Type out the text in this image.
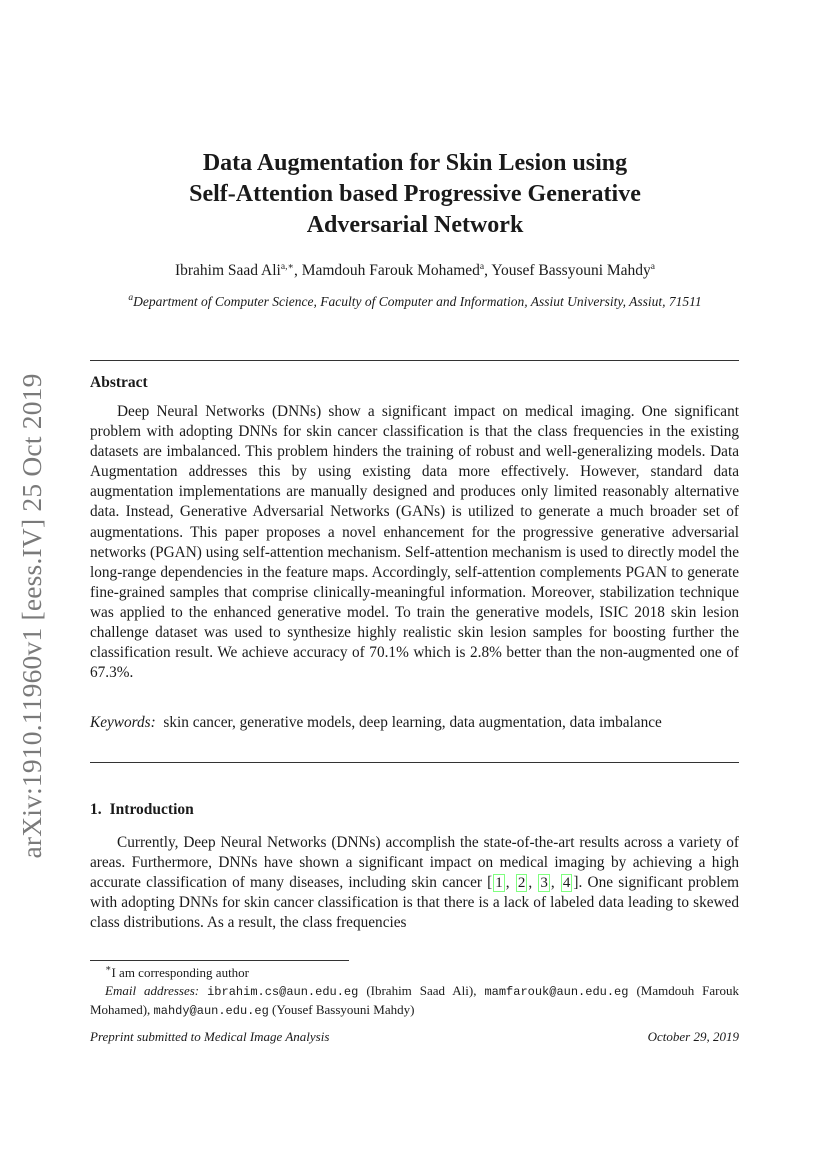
arXiv:1910.11960v1 [eess.IV] 25 Oct 2019
Data Augmentation for Skin Lesion using
Self-Attention based Progressive Generative
Adversarial Network
Ibrahim Saad Ali$^{a,∗}$, Mamdouh Farouk Mohamed$^a$, Yousef Bassyouni Mahdy$^a$
$^a$Department of Computer Science, Faculty of Computer and Information, Assiut University, Assiut, 71511
Abstract
Deep Neural Networks (DNNs) show a significant impact on medical imaging. One significant problem with adopting DNNs for skin cancer classification is that the class frequencies in the existing datasets are imbalanced. This problem hinders the training of robust and well-generalizing models. Data Augmentation addresses this by using existing data more effectively. However, standard data augmentation implementations are manually designed and produces only limited reasonably alternative data. Instead, Generative Adversarial Networks (GANs) is utilized to generate a much broader set of augmentations. This paper proposes a novel enhancement for the progressive generative adversarial networks (PGAN) using self-attention mechanism. Self-attention mechanism is used to directly model the long-range dependencies in the feature maps. Accordingly, self-attention complements PGAN to generate fine-grained samples that comprise clinically-meaningful information. Moreover, stabilization technique was applied to the enhanced generative model. To train the generative models, ISIC 2018 skin lesion challenge dataset was used to synthesize highly realistic skin lesion samples for boosting further the classification result. We achieve accuracy of 70.1% which is 2.8% better than the non-augmented one of 67.3%.
Keywords: skin cancer, generative models, deep learning, data augmentation, data imbalance
1. Introduction
Currently, Deep Neural Networks (DNNs) accomplish the state-of-the-art results across a variety of areas. Furthermore, DNNs have shown a significant impact on medical imaging by achieving a high accurate classification of many diseases, including skin cancer [ 1 , 2 , 3 , 4 ]. One significant problem with adopting DNNs for skin cancer classification is that there is a lack of labeled data leading to skewed class distributions. As a result, the class frequencies
∗I am corresponding author
Email addresses: ibrahim.cs@aun.edu.eg (Ibrahim Saad Ali), mamfarouk@aun.edu.eg (Mamdouh Farouk Mohamed), mahdy@aun.edu.eg (Yousef Bassyouni Mahdy)
Preprint submitted to Medical Image Analysis	October 29, 2019
